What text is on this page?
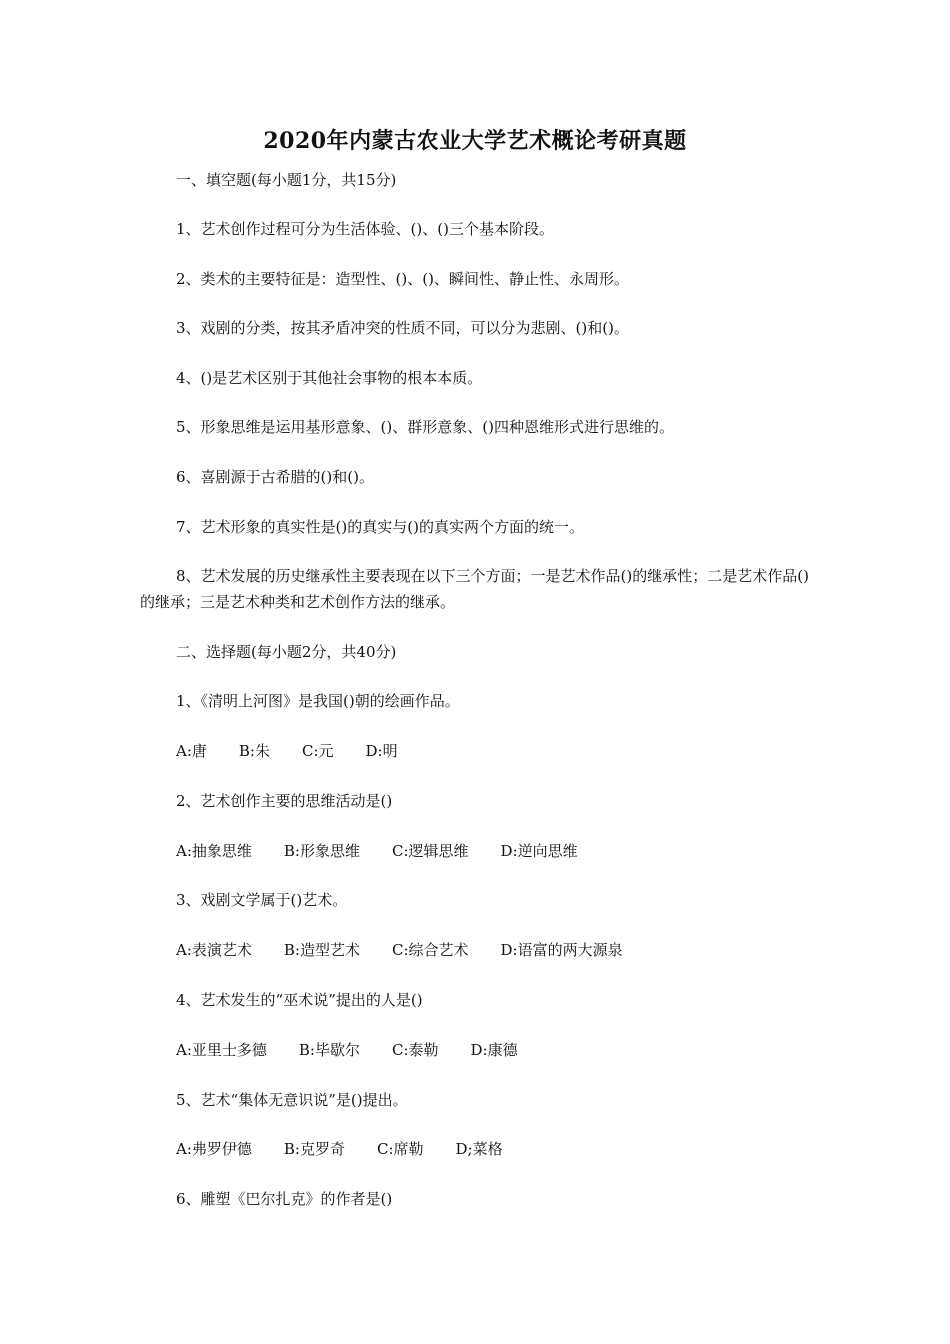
2020年内蒙古农业大学艺术概论考研真题
一、填空题(每小题1分，共15分)
1、艺术创作过程可分为生活体验、()、()三个基本阶段。
2、类术的主要特征是：造型性、()、()、瞬间性、静止性、永周形。
3、戏剧的分类，按其矛盾冲突的性质不同，可以分为悲剧、()和()。
4、()是艺术区别于其他社会事物的根本本质。
5、形象思维是运用基形意象、()、群形意象、()四种恩维形式进行思维的。
6、喜剧源于古希腊的()和()。
7、艺术形象的真实性是()的真实与()的真实两个方面的统一。
8、艺术发展的历史继承性主要表现在以下三个方面；一是艺术作品()的继承性；二是艺术作品()的继承；三是艺术种类和艺术创作方法的继承。
二、选择题(每小题2分，共40分)
1、《清明上河图》是我国()朝的绘画作品。
A:唐 B:朱 C:元 D:明
2、艺术创作主要的思维活动是()
A:抽象思维 B:形象思维 C:逻辑思维 D:逆向思维
3、戏剧文学属于()艺术。
A:表演艺术 B:造型艺术 C:综合艺术 D:语富的两大源泉
4、艺术发生的“巫术说”提出的人是()
A:亚里士多德 B:毕歇尔 C:泰勒 D:康德
5、艺术“集体无意识说”是()提出。
A:弗罗伊德 B:克罗奇 C:席勒 D;菜格
6、雕塑《巴尔扎克》的作者是()
